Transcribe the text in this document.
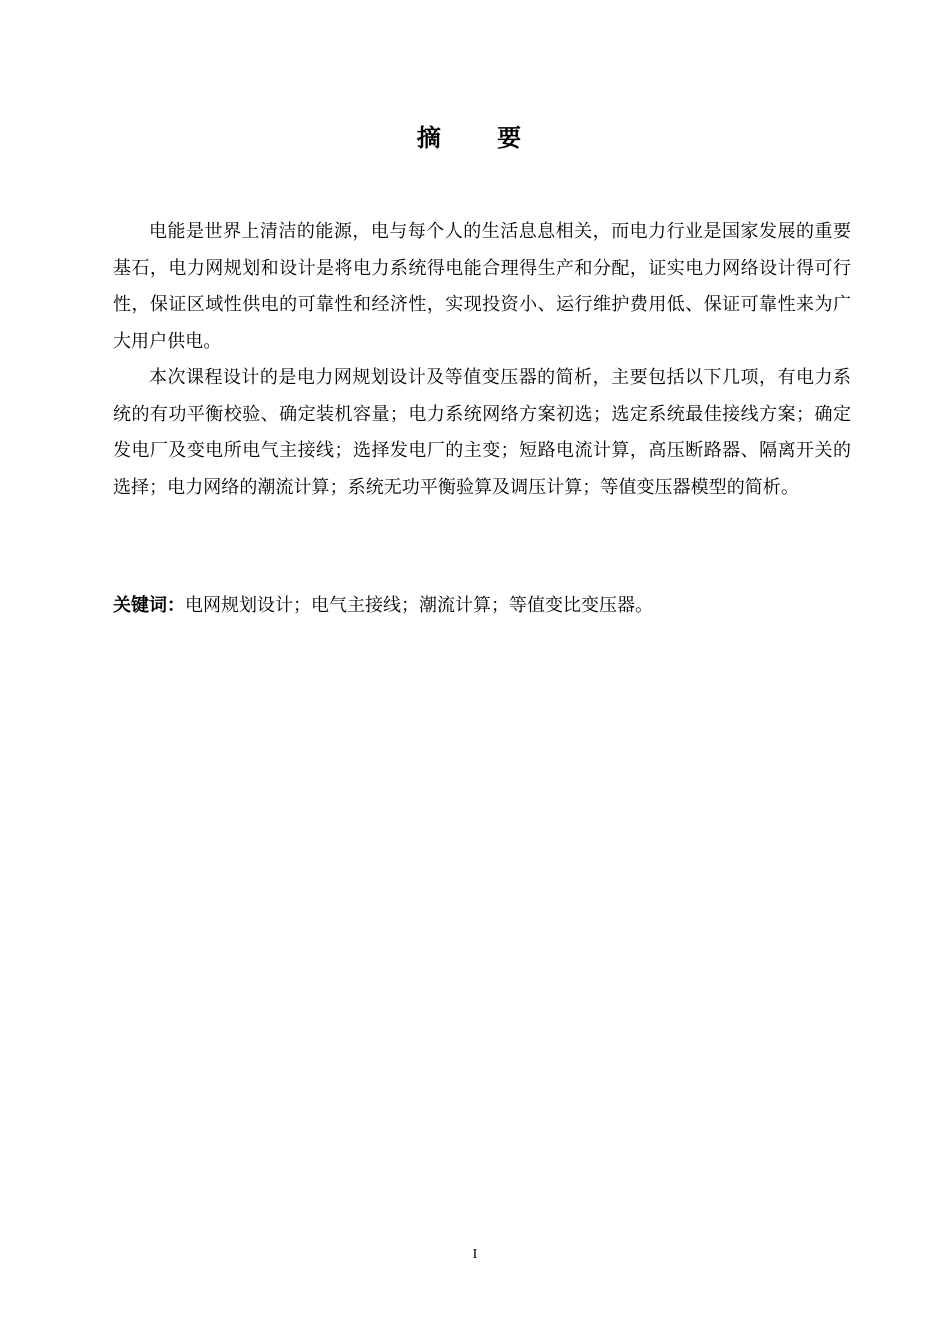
摘 要

电能是世界上清洁的能源，电与每个人的生活息息相关，而电力行业是国家发展的重要基石，电力网规划和设计是将电力系统得电能合理得生产和分配，证实电力网络设计得可行性，保证区域性供电的可靠性和经济性，实现投资小、运行维护费用低、保证可靠性来为广大用户供电。

本次课程设计的是电力网规划设计及等值变压器的简析，主要包括以下几项，有电力系统的有功平衡校验、确定装机容量；电力系统网络方案初选；选定系统最佳接线方案；确定发电厂及变电所电气主接线；选择发电厂的主变；短路电流计算，高压断路器、隔离开关的选择；电力网络的潮流计算；系统无功平衡验算及调压计算；等值变压器模型的简析。

关键词：电网规划设计；电气主接线；潮流计算；等值变比变压器。
I
